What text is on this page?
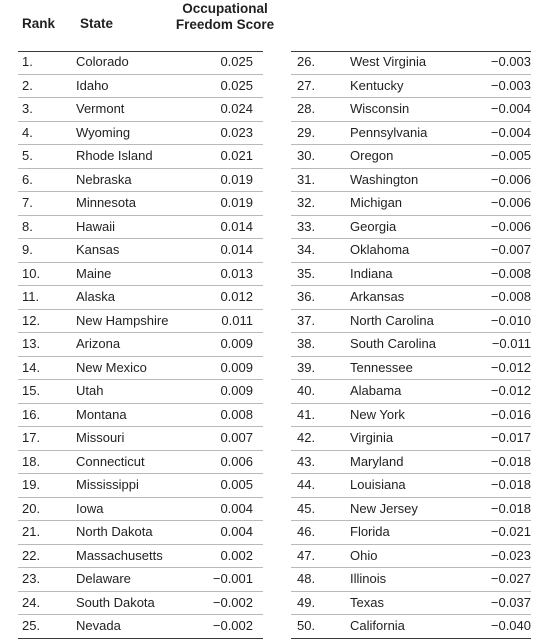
Rank State
Occupational
Freedom Score
1.	Colorado	0.025
2.	Idaho	0.025
3.	Vermont	0.024
4.	Wyoming	0.023
5.	Rhode Island	0.021
6.	Nebraska	0.019
7.	Minnesota	0.019
8.	Hawaii	0.014
9.	Kansas	0.014
10.	Maine	0.013
11.	Alaska	0.012
12.	New Hampshire	0.011
13.	Arizona	0.009
14.	New Mexico	0.009
15.	Utah	0.009
16.	Montana	0.008
17.	Missouri	0.007
18.	Connecticut	0.006
19.	Mississippi	0.005
20.	Iowa	0.004
21.	North Dakota	0.004
22.	Massachusetts	0.002
23.	Delaware	−0.001
24.	South Dakota	−0.002
25.	Nevada	−0.002
26.	West Virginia	−0.003
27.	Kentucky	−0.003
28.	Wisconsin	−0.004
29.	Pennsylvania	−0.004
30.	Oregon	−0.005
31.	Washington	−0.006
32.	Michigan	−0.006
33.	Georgia	−0.006
34.	Oklahoma	−0.007
35.	Indiana	−0.008
36.	Arkansas	−0.008
37.	North Carolina	−0.010
38.	South Carolina	−0.011
39.	Tennessee	−0.012
40.	Alabama	−0.012
41.	New York	−0.016
42.	Virginia	−0.017
43.	Maryland	−0.018
44.	Louisiana	−0.018
45.	New Jersey	−0.018
46.	Florida	−0.021
47.	Ohio	−0.023
48.	Illinois	−0.027
49.	Texas	−0.037
50.	California	−0.040
